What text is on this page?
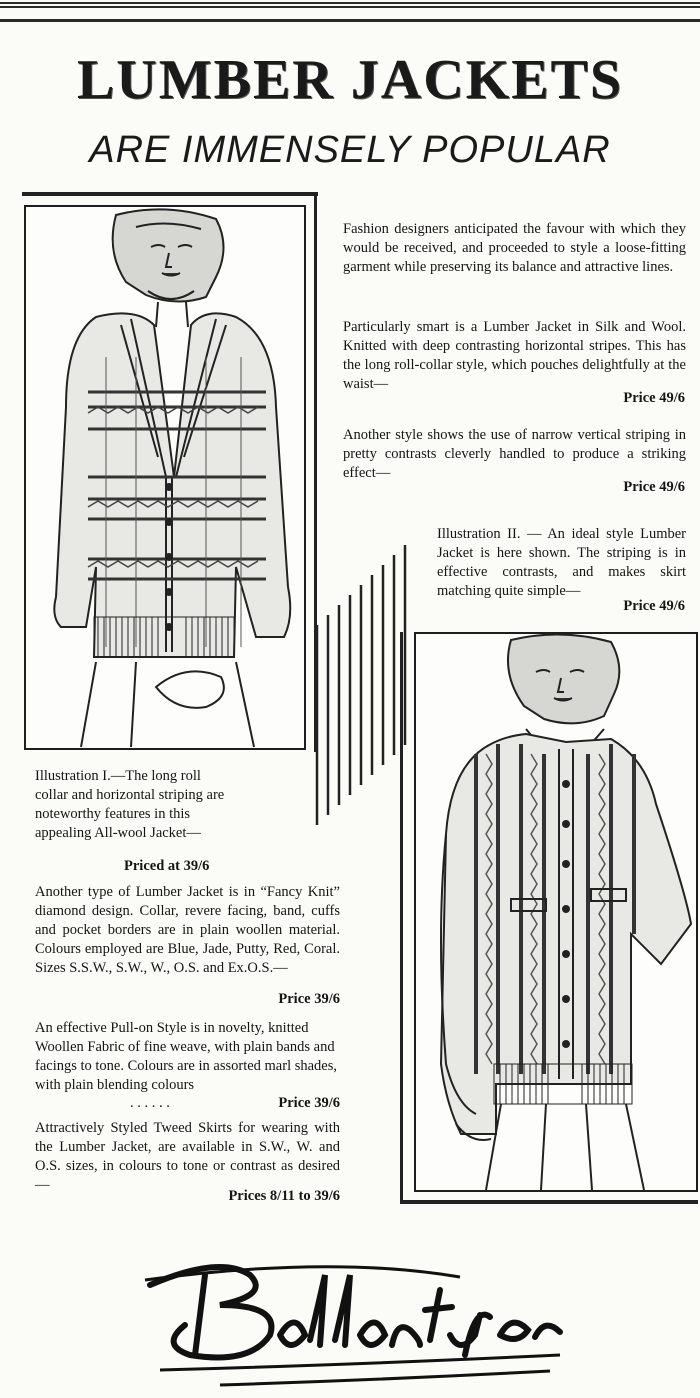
LUMBER JACKETS
ARE IMMENSELY POPULAR
Fashion designers anticipated the favour with which they would be received, and proceeded to style a loose-fitting garment while preserving its balance and attractive lines.
Particularly smart is a Lumber Jacket in Silk and Wool. Knitted with deep contrasting horizontal stripes. This has the long roll-collar style, which pouches delightfully at the waist—
Price 49/6
Another style shows the use of narrow vertical striping in pretty contrasts cleverly handled to produce a striking effect—
Price 49/6
Illustration II. — An ideal style Lumber Jacket is here shown. The striping is in effective contrasts, and makes skirt matching quite simple—
Price 49/6
Illustration I.—The long roll collar and horizontal striping are noteworthy features in this appealing All-wool Jacket—
Priced at 39/6
Another type of Lumber Jacket is in “Fancy Knit” diamond design. Collar, revere facing, band, cuffs and pocket borders are in plain woollen material. Colours employed are Blue, Jade, Putty, Red, Coral. Sizes S.S.W., S.W., W., O.S. and Ex.O.S.—
Price 39/6
An effective Pull-on Style is in novelty, knitted Woollen Fabric of fine weave, with plain bands and facings to tone. Colours are in assorted marl shades, with plain blending colours
. . . . . .	Price 39/6
Attractively Styled Tweed Skirts for wearing with the Lumber Jacket, are available in S.W., W. and O.S. sizes, in colours to tone or contrast as desired—
Prices 8/11 to 39/6
